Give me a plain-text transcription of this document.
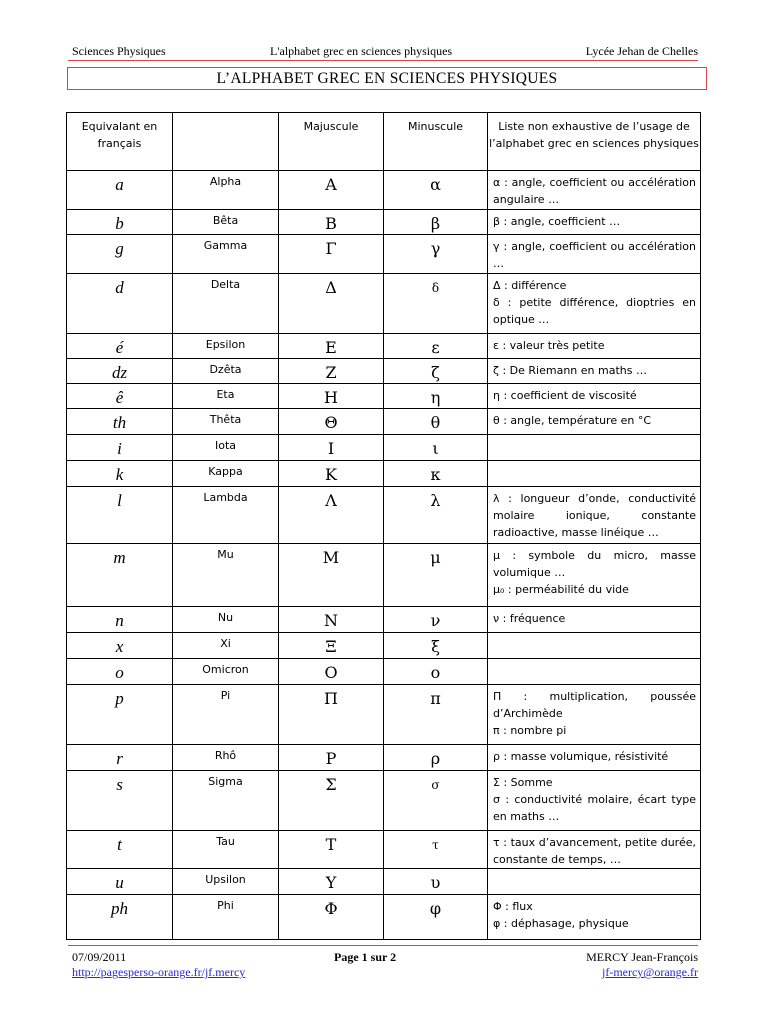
Sciences Physiques	L'alphabet grec en sciences physiques	Lycée Jehan de Chelles
L’ALPHABET GREC EN SCIENCES PHYSIQUES
Equivalant en français		Majuscule	Minuscule	Liste non exhaustive de l’usage de l’alphabet grec en sciences physiques
a	Alpha	Α	α	α : angle, coefficient ou accélération angulaire …

b	Bêta	Β	β	β : angle, coefficient …

g	Gamma	Γ	γ	γ : angle, coefficient ou accélération …

d	Delta	Δ	δ	Δ : différence

δ : petite différence, dioptries en optique …

é	Epsilon	Ε	ε	ε : valeur très petite

dz	Dzêta	Ζ	ζ	ζ : De Riemann en maths …

ê	Eta	Η	η	η : coefficient de viscosité

th	Thêta	Θ	θ	θ : angle, température en °C

i	Iota	Ι	ι	
k	Kappa	Κ	κ	
l	Lambda	Λ	λ	λ : longueur d’onde, conductivité molaire ionique, constante radioactive, masse linéique …

m	Mu	Μ	μ	μ : symbole du micro, masse volumique …

μ₀ : perméabilité du vide

n	Nu	Ν	ν	ν : fréquence

x	Xi	Ξ	ξ	
o	Omicron	Ο	ο	
p	Pi	Π	π	Π : multiplication, poussée d’Archimède

π : nombre pi

r	Rhô	Ρ	ρ	ρ : masse volumique, résistivité

s	Sigma	Σ	σ	Σ : Somme

σ : conductivité molaire, écart type en maths …

t	Tau	Τ	τ	τ : taux d’avancement, petite durée, constante de temps, …

u	Upsilon	Υ	υ	
ph	Phi	Φ	φ	Φ : flux

φ : déphasage, physique

07/09/2011	Page 1 sur 2	MERCY Jean-François
http://pagesperso-orange.fr/jf.mercy	jf-mercy@orange.fr
